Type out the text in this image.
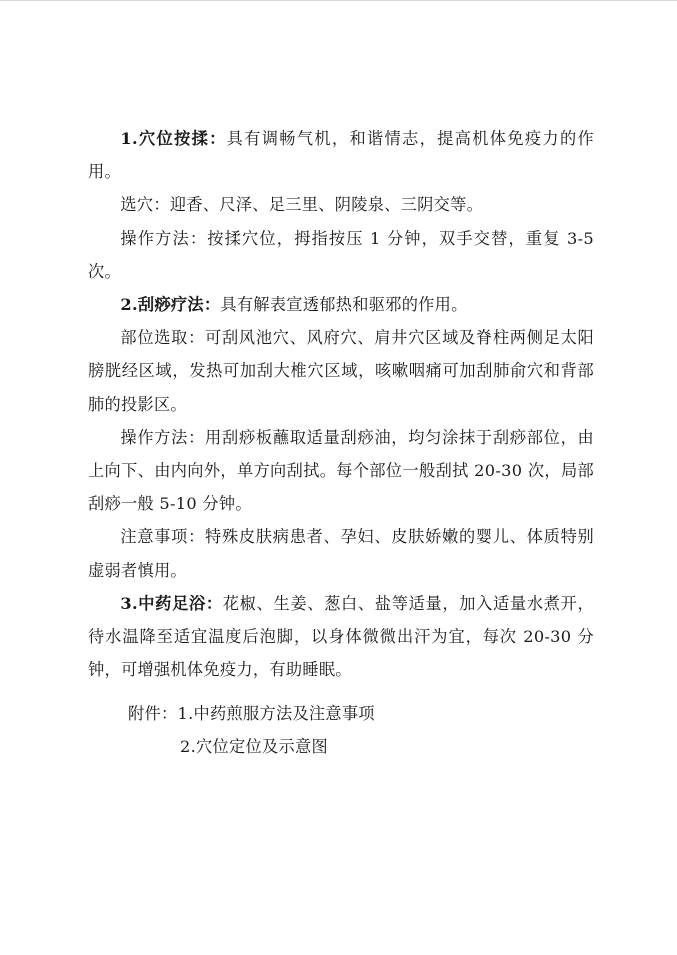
1.穴位按揉：具有调畅气机，和谐情志，提高机体免疫力的作用。

选穴：迎香、尺泽、足三里、阴陵泉、三阴交等。

操作方法：按揉穴位，拇指按压 1 分钟，双手交替，重复 3-5 次。

2.刮痧疗法：具有解表宣透郁热和驱邪的作用。

部位选取：可刮风池穴、风府穴、肩井穴区域及脊柱两侧足太阳膀胱经区域，发热可加刮大椎穴区域，咳嗽咽痛可加刮肺俞穴和背部肺的投影区。

操作方法：用刮痧板蘸取适量刮痧油，均匀涂抹于刮痧部位，由上向下、由内向外，单方向刮拭。每个部位一般刮拭 20-30 次，局部刮痧一般 5-10 分钟。

注意事项：特殊皮肤病患者、孕妇、皮肤娇嫩的婴儿、体质特别虚弱者慎用。

3.中药足浴：花椒、生姜、葱白、盐等适量，加入适量水煮开，待水温降至适宜温度后泡脚，以身体微微出汗为宜，每次 20-30 分钟，可增强机体免疫力，有助睡眠。

附件：1.中药煎服方法及注意事项
2.穴位定位及示意图
